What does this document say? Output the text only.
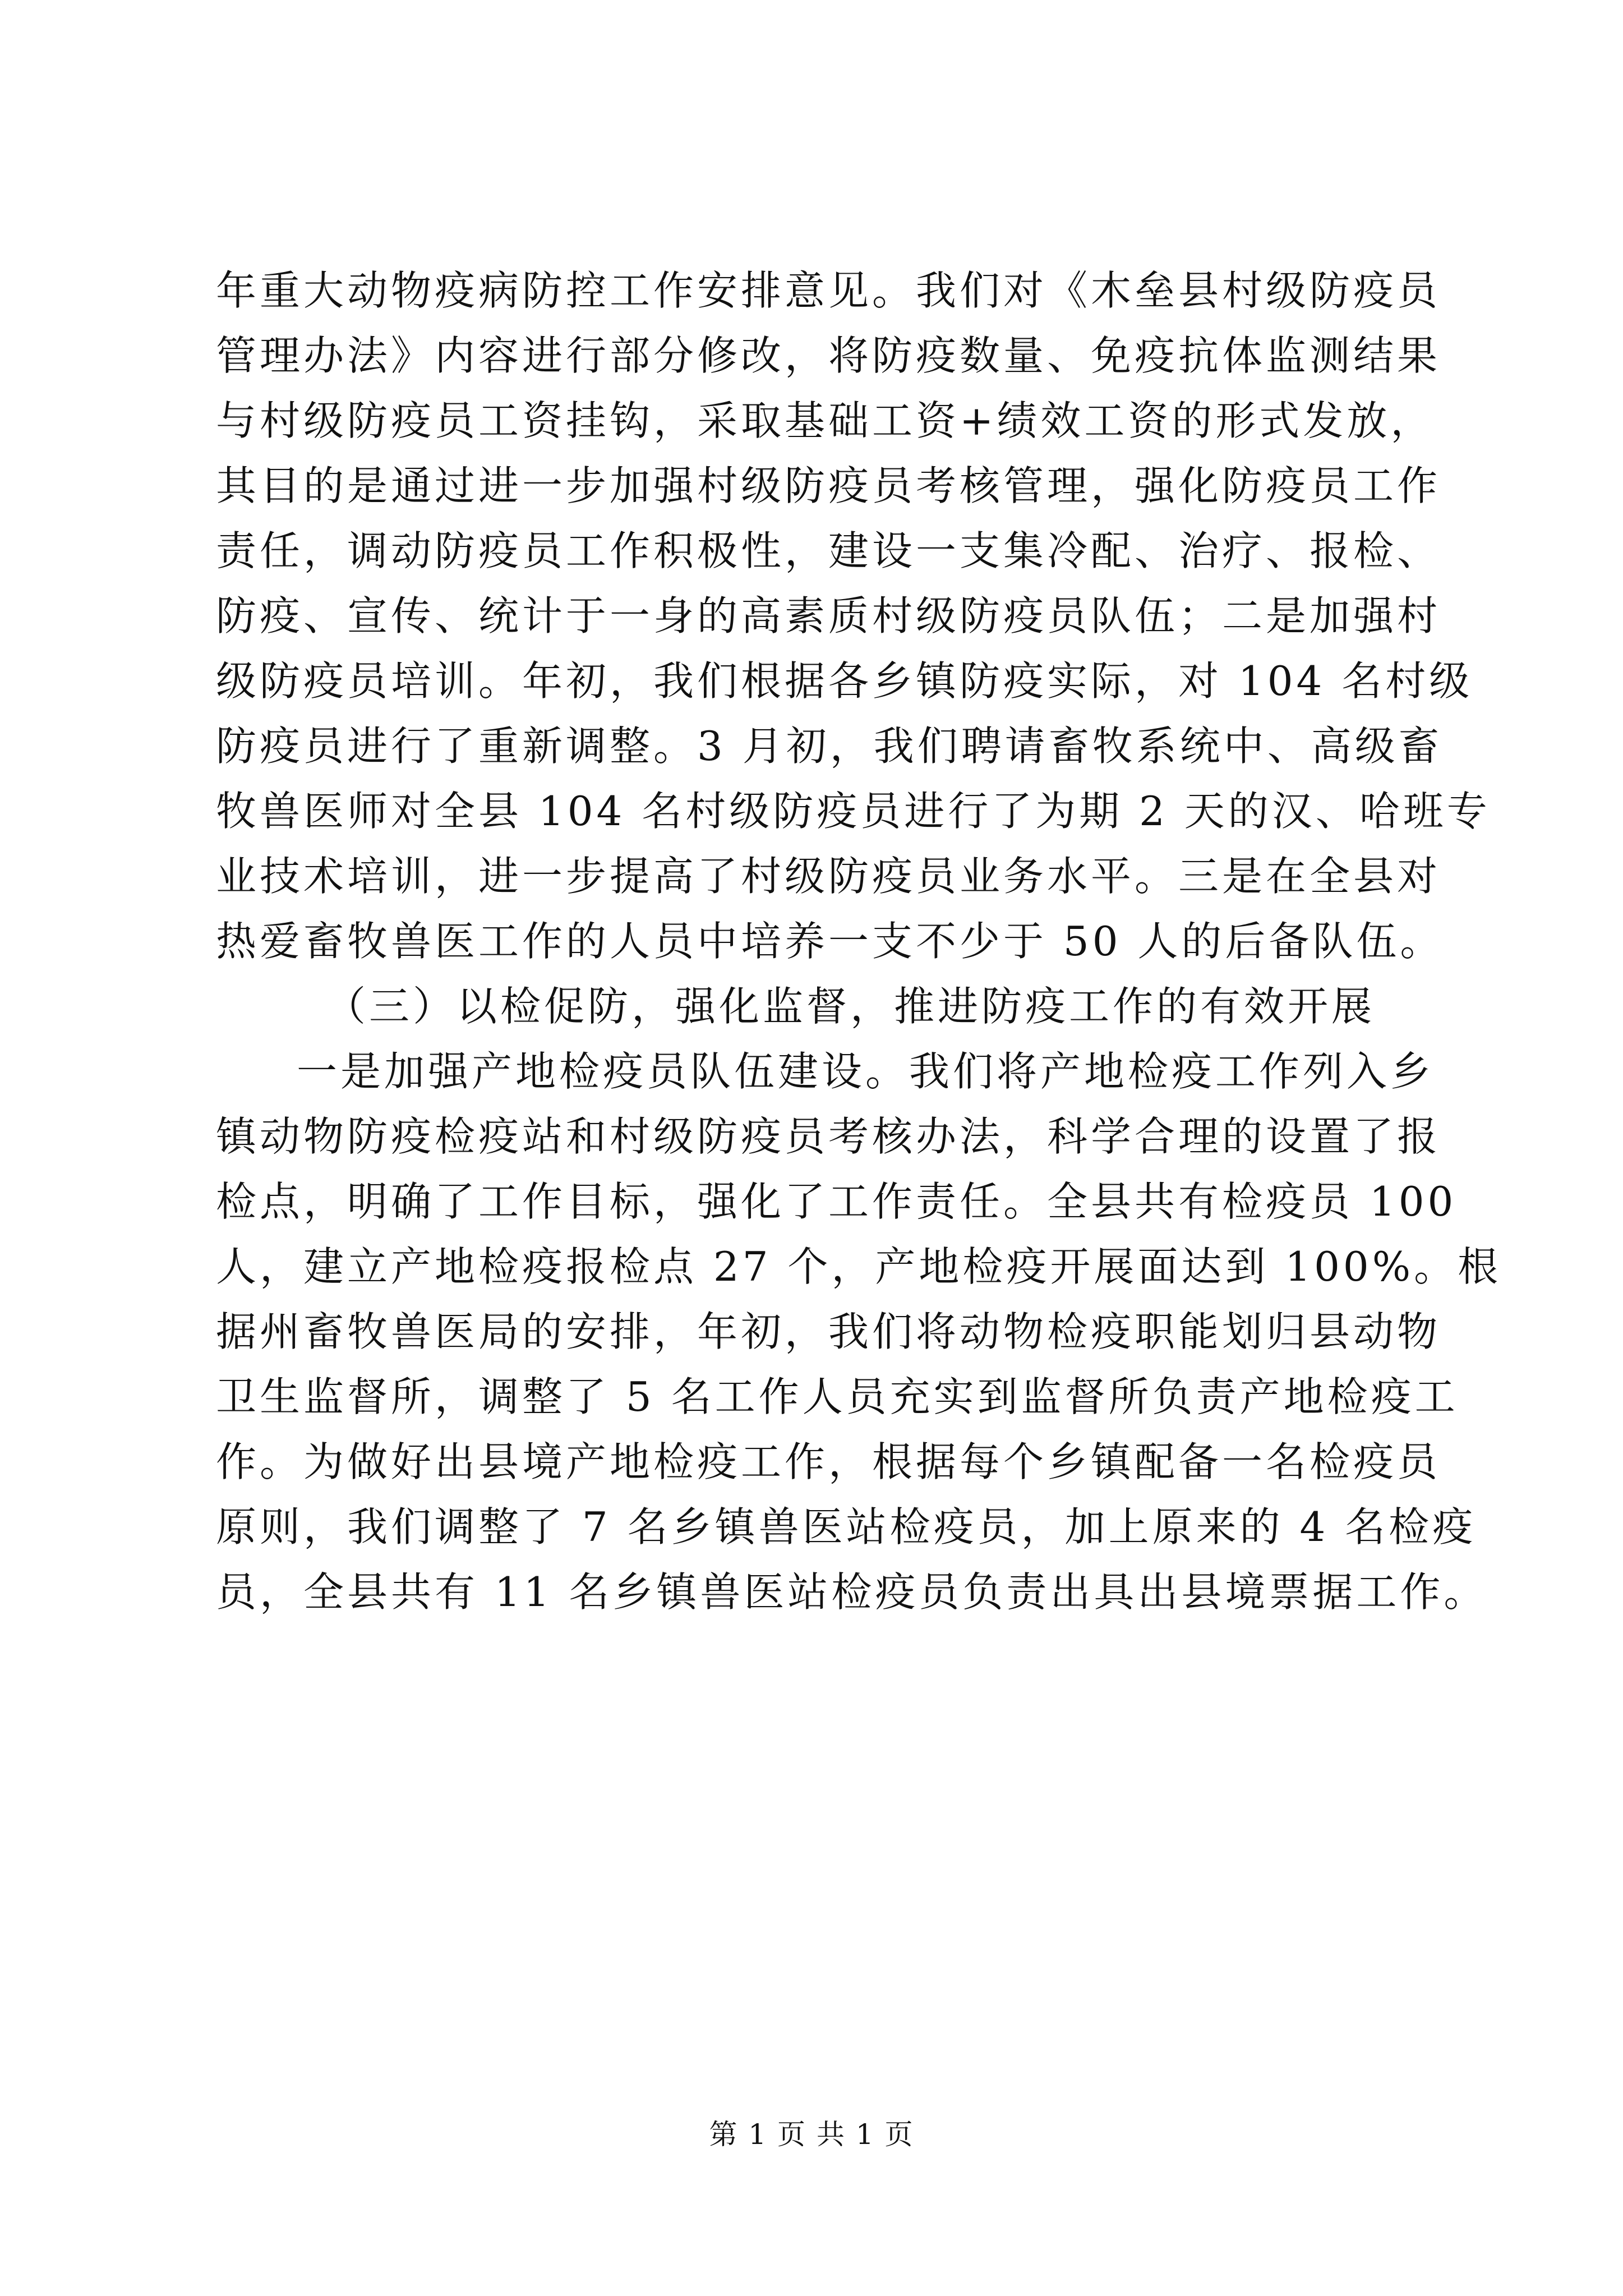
年重大动物疫病防控工作安排意见。我们对《木垒县村级防疫员
管理办法》内容进行部分修改，将防疫数量、免疫抗体监测结果
与村级防疫员工资挂钩，采取基础工资+绩效工资的形式发放，
其目的是通过进一步加强村级防疫员考核管理，强化防疫员工作
责任，调动防疫员工作积极性，建设一支集冷配、治疗、报检、
防疫、宣传、统计于一身的高素质村级防疫员队伍；二是加强村
级防疫员培训。年初，我们根据各乡镇防疫实际，对 104 名村级
防疫员进行了重新调整。3 月初，我们聘请畜牧系统中、高级畜
牧兽医师对全县 104 名村级防疫员进行了为期 2 天的汉、哈班专
业技术培训，进一步提高了村级防疫员业务水平。三是在全县对
热爱畜牧兽医工作的人员中培养一支不少于 50 人的后备队伍。
（三）以检促防，强化监督，推进防疫工作的有效开展
一是加强产地检疫员队伍建设。我们将产地检疫工作列入乡
镇动物防疫检疫站和村级防疫员考核办法，科学合理的设置了报
检点，明确了工作目标，强化了工作责任。全县共有检疫员 100
人，建立产地检疫报检点 27 个，产地检疫开展面达到 100%。根
据州畜牧兽医局的安排，年初，我们将动物检疫职能划归县动物
卫生监督所，调整了 5 名工作人员充实到监督所负责产地检疫工
作。为做好出县境产地检疫工作，根据每个乡镇配备一名检疫员
原则，我们调整了 7 名乡镇兽医站检疫员，加上原来的 4 名检疫
员，全县共有 11 名乡镇兽医站检疫员负责出具出县境票据工作。
第 1 页 共 1 页
